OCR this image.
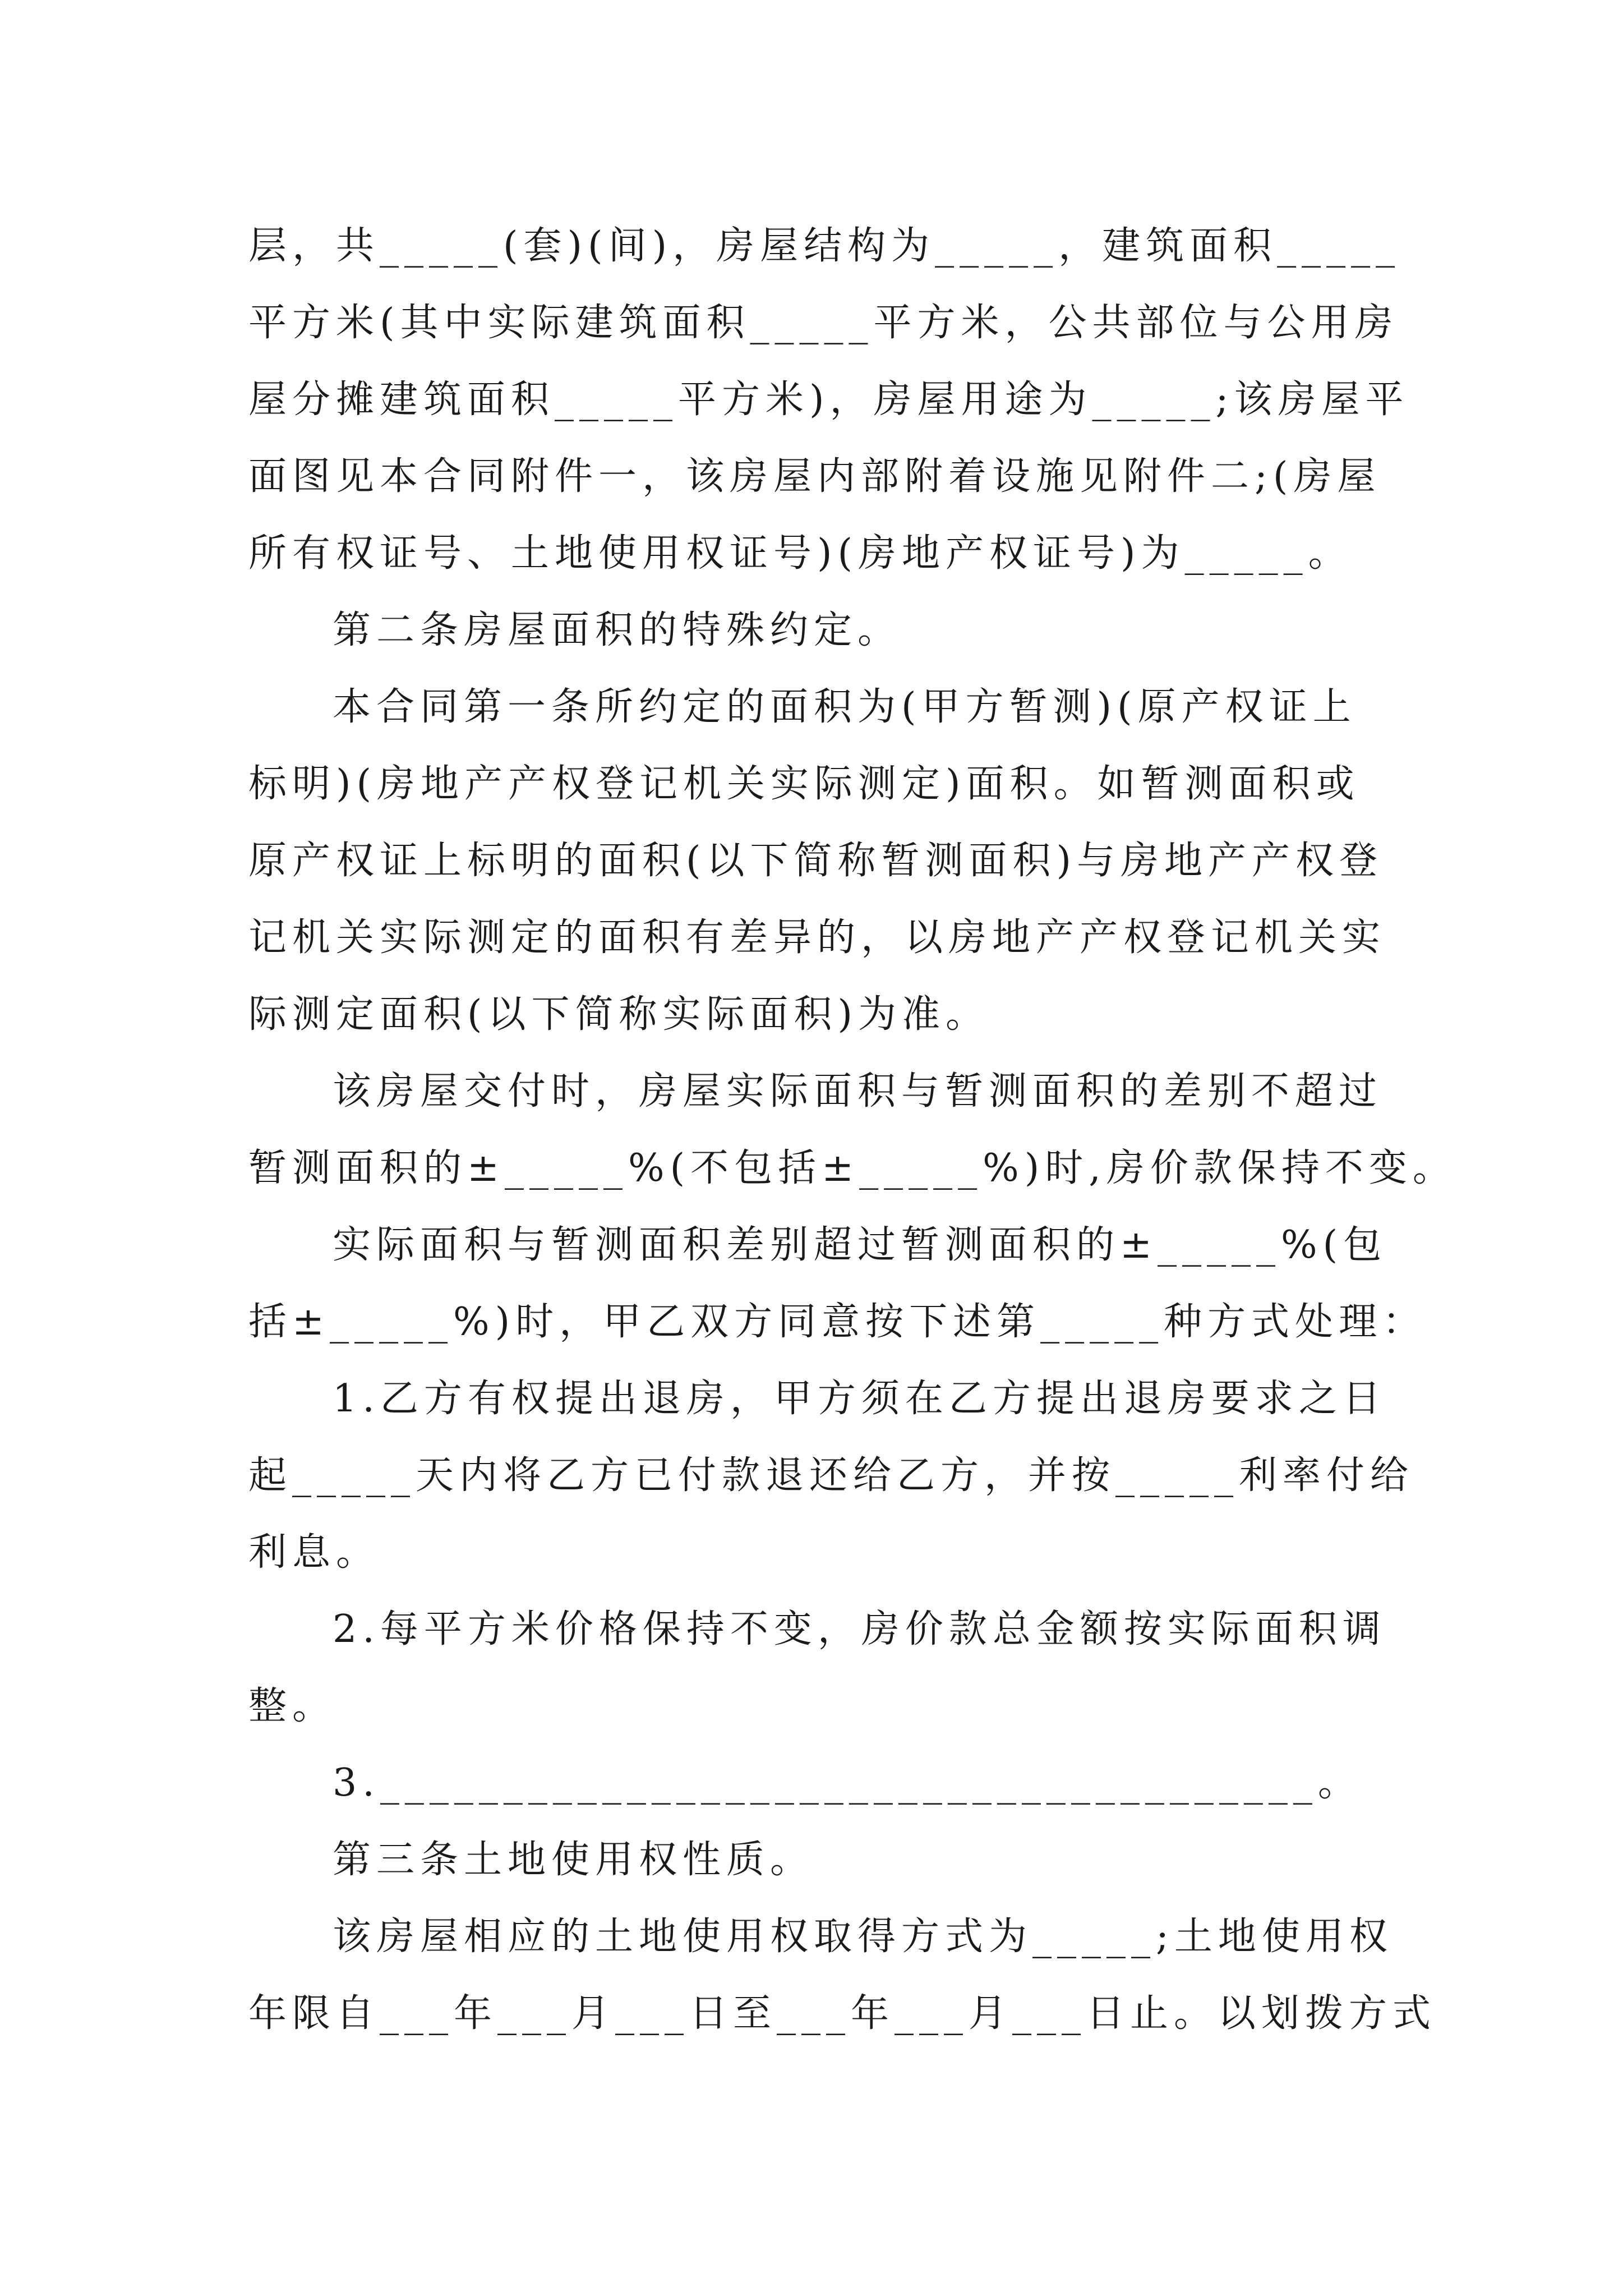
层，共_____(套)(间)，房屋结构为_____，建筑面积_____
平方米(其中实际建筑面积_____平方米，公共部位与公用房
屋分摊建筑面积_____平方米)，房屋用途为_____;该房屋平
面图见本合同附件一，该房屋内部附着设施见附件二;(房屋
所有权证号、土地使用权证号)(房地产权证号)为_____。
第二条房屋面积的特殊约定。
本合同第一条所约定的面积为(甲方暂测)(原产权证上
标明)(房地产产权登记机关实际测定)面积。如暂测面积或
原产权证上标明的面积(以下简称暂测面积)与房地产产权登
记机关实际测定的面积有差异的，以房地产产权登记机关实
际测定面积(以下简称实际面积)为准。
该房屋交付时，房屋实际面积与暂测面积的差别不超过
暂测面积的±_____%(不包括±_____%)时,房价款保持不变。
实际面积与暂测面积差别超过暂测面积的±_____%(包
括±_____%)时，甲乙双方同意按下述第_____种方式处理：
1.乙方有权提出退房，甲方须在乙方提出退房要求之日
起_____天内将乙方已付款退还给乙方，并按_____利率付给
利息。
2.每平方米价格保持不变，房价款总金额按实际面积调
整。
3.______________________________________。
第三条土地使用权性质。
该房屋相应的土地使用权取得方式为_____;土地使用权
年限自___年___月___日至___年___月___日止。以划拨方式
